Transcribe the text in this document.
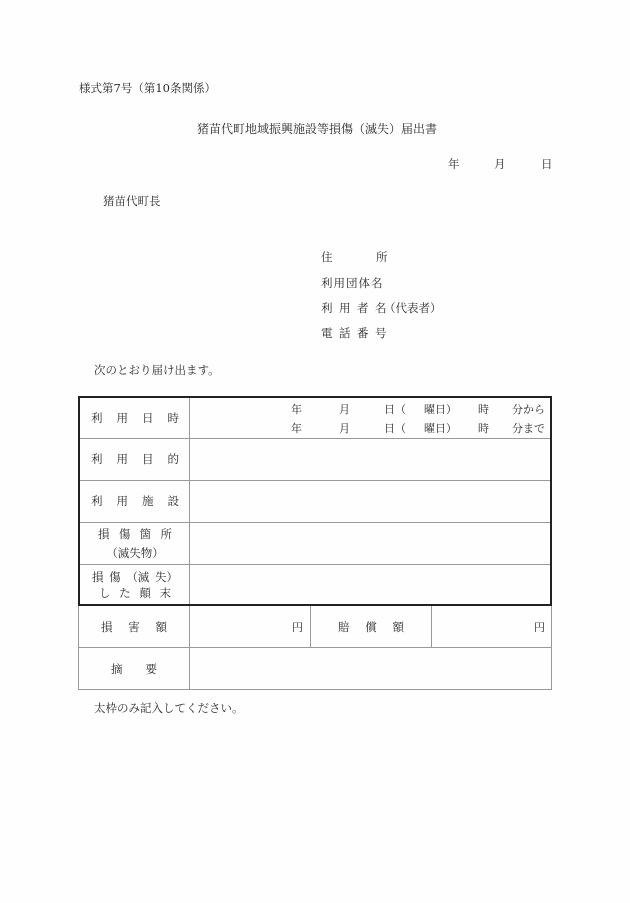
様式第7号（第10条関係）
猪苗代町地域振興施設等損傷（滅失）届出書
年	月	日
猪苗代町長
住	所
利用団体名
利 用 者 名
（代表者）
電 話 番 号
次のとおり届け出ます。
利 用 日 時
年	月	日（ 曜日） 時 分から
年	月	日（ 曜日） 時 分まで
利 用 目 的
利 用 施 設
損 傷 箇 所
（滅失物）
損 傷 （滅 失）
し た 顛 末
損 害 額	円	賠 償 額	円
摘 要
太枠のみ記入してください。
